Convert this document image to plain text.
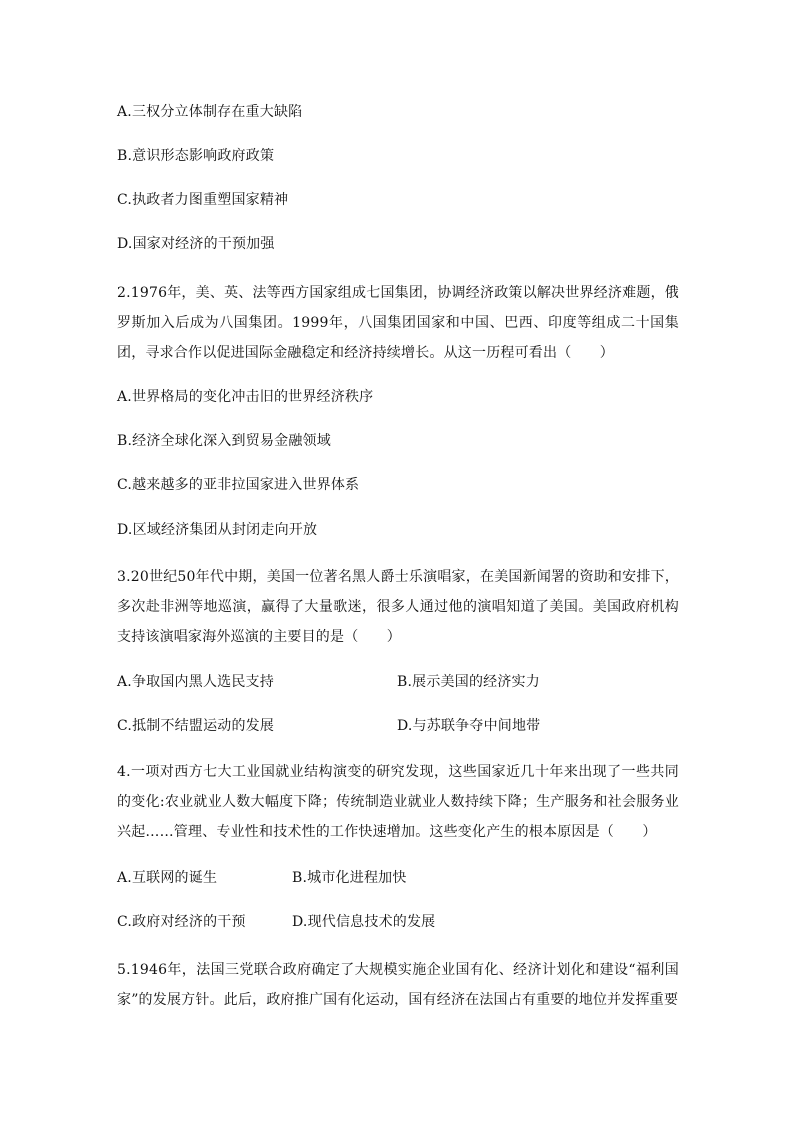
A.三权分立体制存在重大缺陷
B.意识形态影响政府政策
C.执政者力图重塑国家精神
D.国家对经济的干预加强
2.1976年，美、英、法等西方国家组成七国集团，协调经济政策以解决世界经济难题，俄罗斯加入后成为八国集团。1999年，八国集团国家和中国、巴西、印度等组成二十国集团，寻求合作以促进国际金融稳定和经济持续增长。从这一历程可看出（　　）
A.世界格局的变化冲击旧的世界经济秩序
B.经济全球化深入到贸易金融领域
C.越来越多的亚非拉国家进入世界体系
D.区域经济集团从封闭走向开放
3.20世纪50年代中期，美国一位著名黑人爵士乐演唱家，在美国新闻署的资助和安排下，多次赴非洲等地巡演，赢得了大量歌迷，很多人通过他的演唱知道了美国。美国政府机构支持该演唱家海外巡演的主要目的是（　　）
A.争取国内黑人选民支持	B.展示美国的经济实力
C.抵制不结盟运动的发展	D.与苏联争夺中间地带
4.一项对西方七大工业国就业结构演变的研究发现，这些国家近几十年来出现了一些共同的变化:农业就业人数大幅度下降；传统制造业就业人数持续下降；生产服务和社会服务业兴起……管理、专业性和技术性的工作快速增加。这些变化产生的根本原因是（　　）
A.互联网的诞生	B.城市化进程加快
C.政府对经济的干预	D.现代信息技术的发展
5.1946年，法国三党联合政府确定了大规模实施企业国有化、经济计划化和建设“福利国家”的发展方针。此后，政府推广国有化运动，国有经济在法国占有重要的地位并发挥重要
